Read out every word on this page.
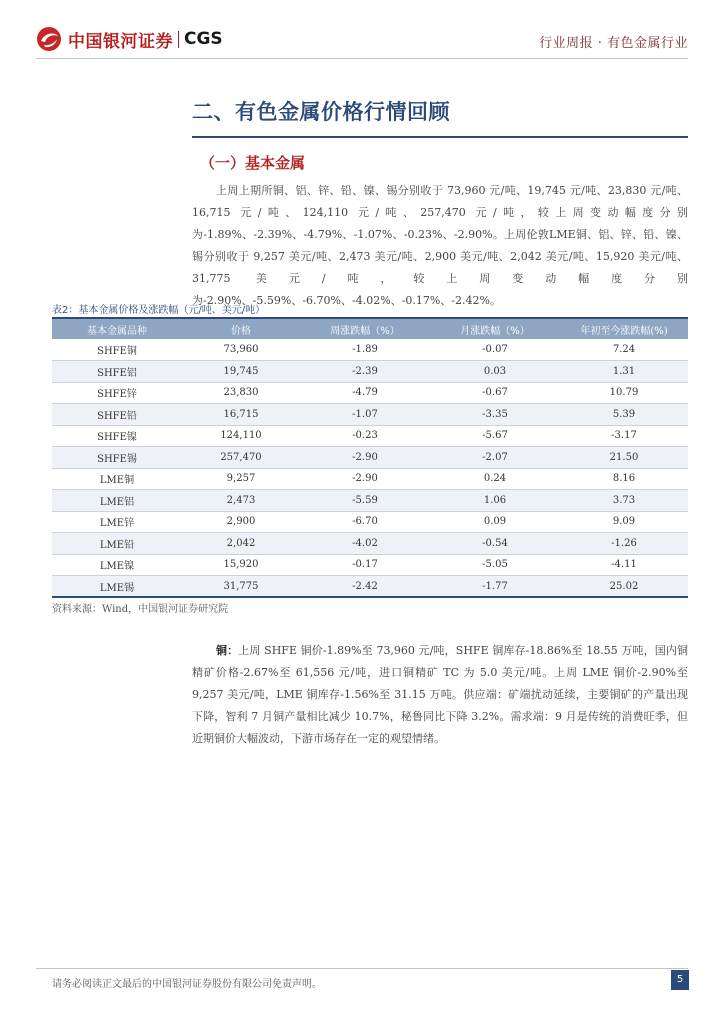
中国银河证券 CGS	行业周报 · 有色金属行业
二、有色金属价格行情回顾
（一）基本金属

上周上期所铜、铝、锌、铅、镍、锡分别收于 73,960 元/吨、19,745 元/吨、23,830 元/吨、16,715 元/吨、124,110 元/吨、257,470 元/吨，较上周变动幅度分别为-1.89%、-2.39%、-4.79%、-1.07%、-0.23%、-2.90%。上周伦敦LME铜、铝、锌、铅、镍、锡分别收于 9,257 美元/吨、2,473 美元/吨、2,900 美元/吨、2,042 美元/吨、15,920 美元/吨、31,775 美元/吨，较上周变动幅度分别为-2.90%、-5.59%、-6.70%、-4.02%、-0.17%、-2.42%。

表2：基本金属价格及涨跌幅（元/吨、美元/吨）
基本金属品种	价格	周涨跌幅（%）	月涨跌幅（%）	年初至今涨跌幅(%)
SHFE铜	73,960	-1.89	-0.07	7.24
SHFE铝	19,745	-2.39	0.03	1.31
SHFE锌	23,830	-4.79	-0.67	10.79
SHFE铅	16,715	-1.07	-3.35	5.39
SHFE镍	124,110	-0.23	-5.67	-3.17
SHFE锡	257,470	-2.90	-2.07	21.50
LME铜	9,257	-2.90	0.24	8.16
LME铝	2,473	-5.59	1.06	3.73
LME锌	2,900	-6.70	0.09	9.09
LME铅	2,042	-4.02	-0.54	-1.26
LME镍	15,920	-0.17	-5.05	-4.11
LME锡	31,775	-2.42	-1.77	25.02
资料来源：Wind，中国银河证券研究院

铜：上周 SHFE 铜价-1.89%至 73,960 元/吨，SHFE 铜库存-18.86%至 18.55 万吨，国内铜精矿价格-2.67%至 61,556 元/吨，进口铜精矿 TC 为 5.0 美元/吨。上周 LME 铜价-2.90%至 9,257 美元/吨，LME 铜库存-1.56%至 31.15 万吨。供应端：矿端扰动延续，主要铜矿的产量出现下降，智利 7 月铜产量相比减少 10.7%，秘鲁同比下降 3.2%。需求端：9 月是传统的消费旺季，但近期铜价大幅波动，下游市场存在一定的观望情绪。

请务必阅读正文最后的中国银河证券股份有限公司免责声明。	5
